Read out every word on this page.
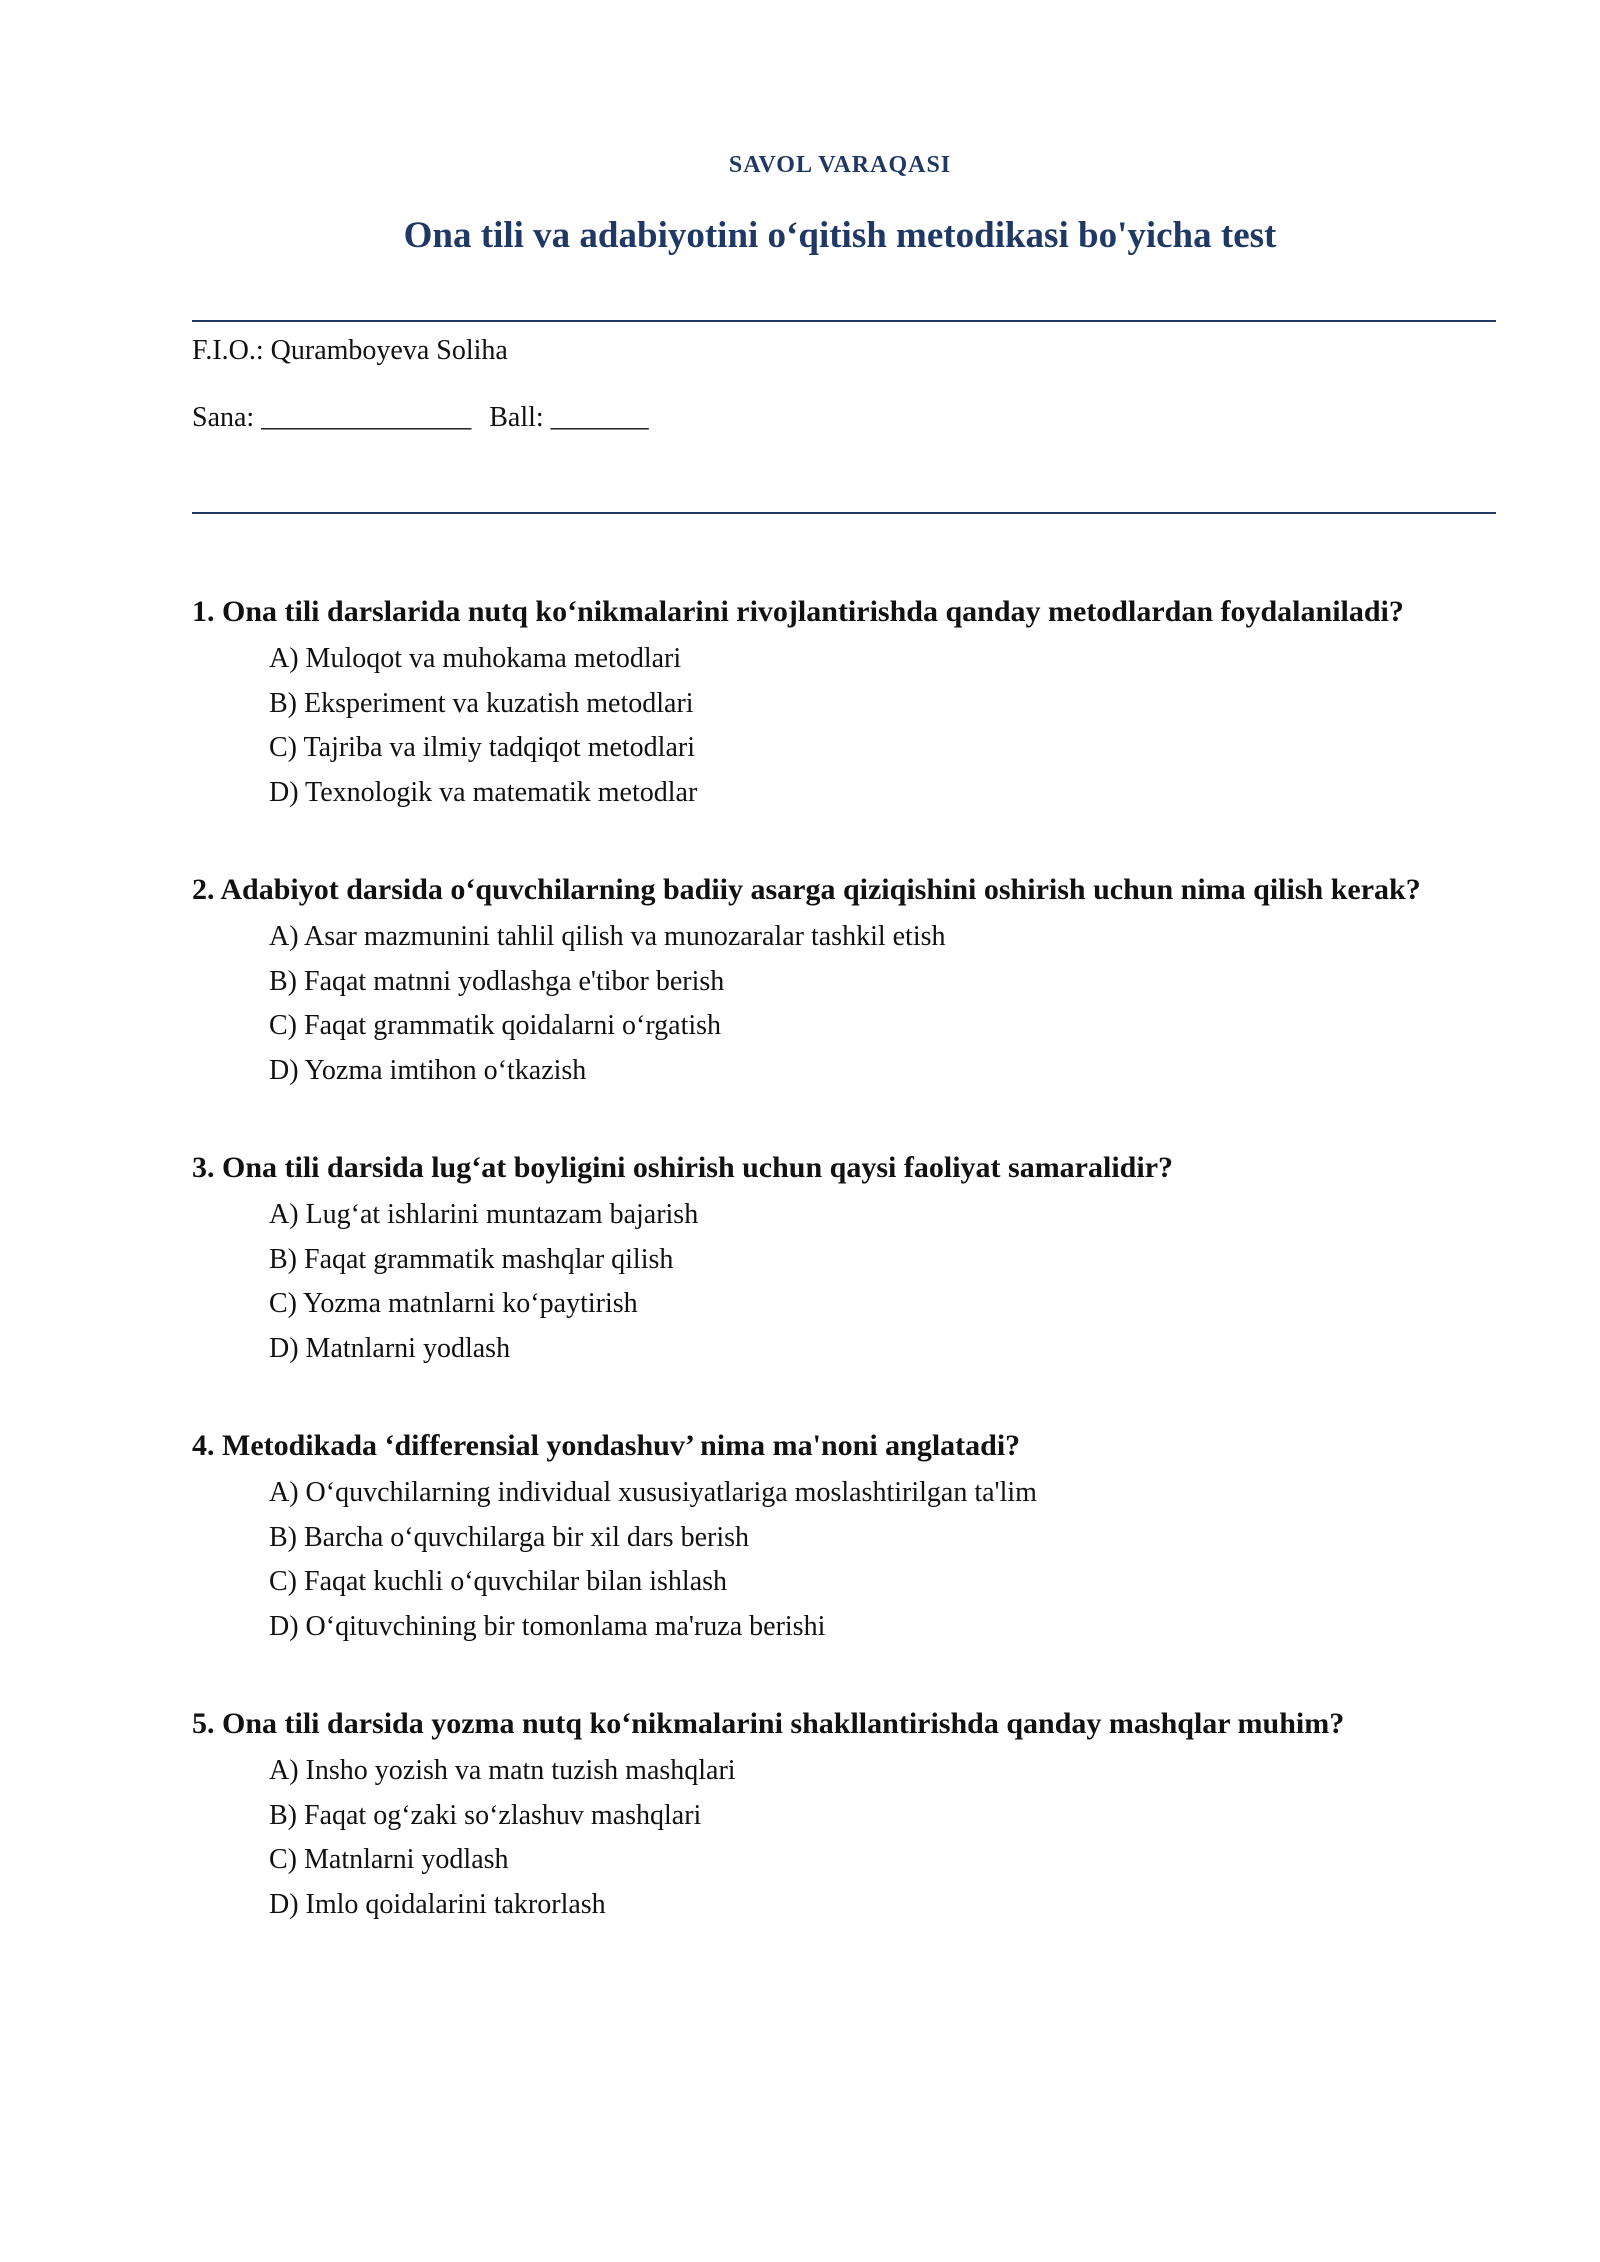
SAVOL VARAQASI
Ona tili va adabiyotini o‘qitish metodikasi bo'yicha test
F.I.O.: Quramboyeva Soliha
Sana: _______________ Ball: _______

1. Ona tili darslarida nutq ko‘nikmalarini rivojlantirishda qanday metodlardan foydalaniladi?

A) Muloqot va muhokama metodlari

B) Eksperiment va kuzatish metodlari

C) Tajriba va ilmiy tadqiqot metodlari

D) Texnologik va matematik metodlar

2. Adabiyot darsida o‘quvchilarning badiiy asarga qiziqishini oshirish uchun nima qilish kerak?

A) Asar mazmunini tahlil qilish va munozaralar tashkil etish

B) Faqat matnni yodlashga e'tibor berish

C) Faqat grammatik qoidalarni o‘rgatish

D) Yozma imtihon o‘tkazish

3. Ona tili darsida lug‘at boyligini oshirish uchun qaysi faoliyat samaralidir?

A) Lug‘at ishlarini muntazam bajarish

B) Faqat grammatik mashqlar qilish

C) Yozma matnlarni ko‘paytirish

D) Matnlarni yodlash

4. Metodikada ‘differensial yondashuv’ nima ma'noni anglatadi?

A) O‘quvchilarning individual xususiyatlariga moslashtirilgan ta'lim

B) Barcha o‘quvchilarga bir xil dars berish

C) Faqat kuchli o‘quvchilar bilan ishlash

D) O‘qituvchining bir tomonlama ma'ruza berishi

5. Ona tili darsida yozma nutq ko‘nikmalarini shakllantirishda qanday mashqlar muhim?

A) Insho yozish va matn tuzish mashqlari

B) Faqat og‘zaki so‘zlashuv mashqlari

C) Matnlarni yodlash

D) Imlo qoidalarini takrorlash
